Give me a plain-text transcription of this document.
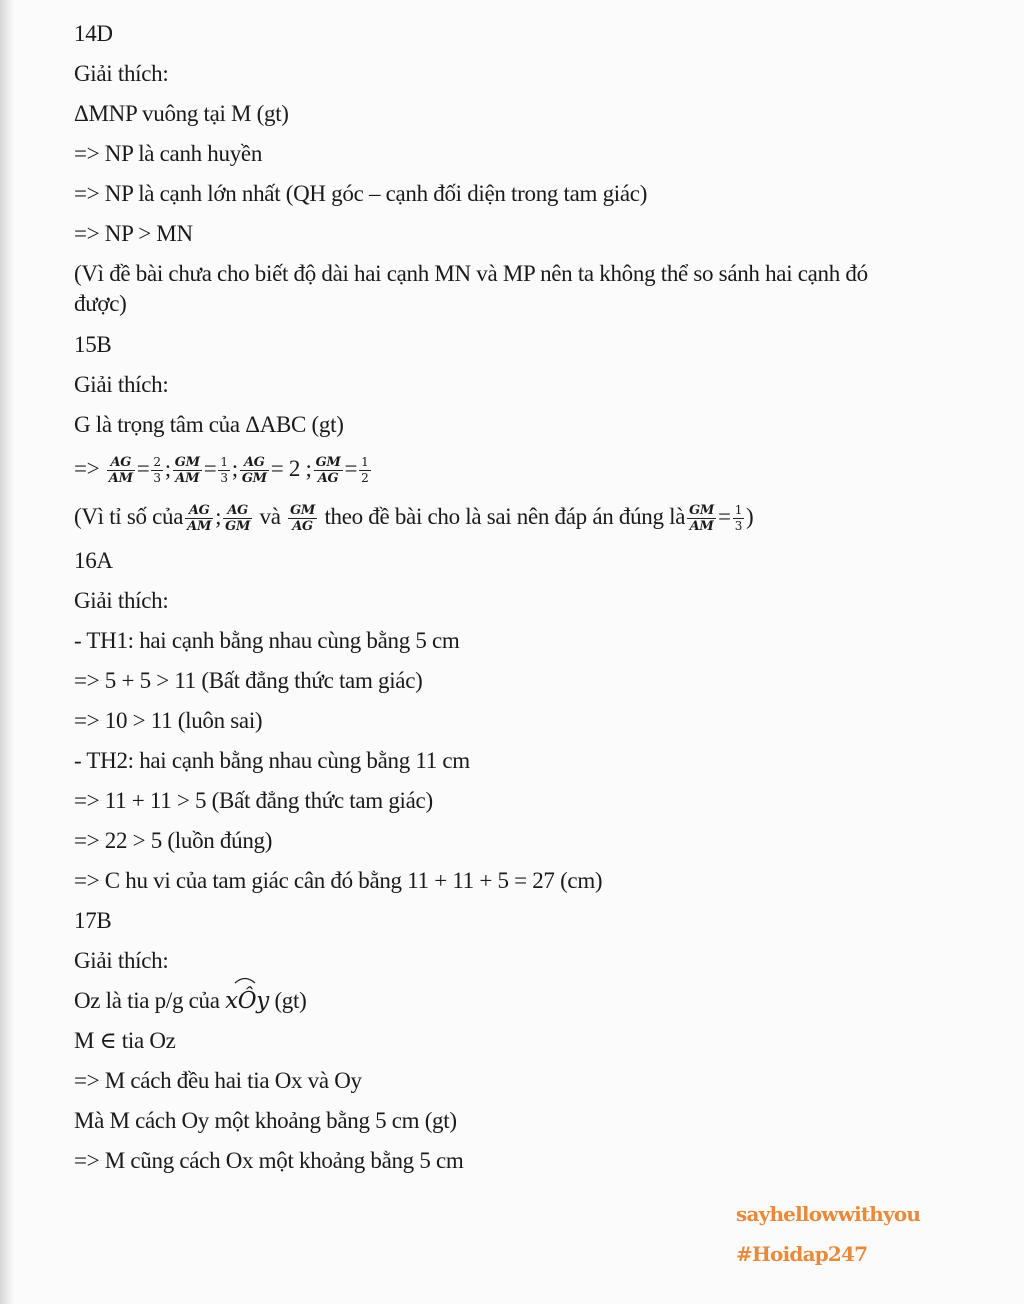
14D
Giải thích:
ΔMNP vuông tại M (gt)
=> NP là canh huyền
=> NP là cạnh lớn nhất (QH góc – cạnh đối diện trong tam giác)
=> NP > MN
(Vì đề bài chưa cho biết độ dài hai cạnh MN và MP nên ta không thể so sánh hai cạnh đó
được)
15B
Giải thích:
G là trọng tâm của ΔABC (gt)
=> $\frac{AG}{AM} = \frac{2}{3}$ ; $\frac{GM}{AM} = \frac{1}{3}$ ; $\frac{AG}{GM} = 2$ ; $\frac{GM}{AG} = \frac{1}{2}$
(Vì tỉ số của $\frac{AG}{AM}$ ; $\frac{AG}{GM}$ và $\frac{GM}{AG}$ theo đề bài cho là sai nên đáp án đúng là $\frac{GM}{AM} = \frac{1}{3}$ )
16A
Giải thích:
- TH1: hai cạnh bằng nhau cùng bằng 5 cm
=> 5 + 5 > 11 (Bất đẳng thức tam giác)
=> 10 > 11 (luôn sai)
- TH2: hai cạnh bằng nhau cùng bằng 11 cm
=> 11 + 11 > 5 (Bất đẳng thức tam giác)
=> 22 > 5 (luồn đúng)
=> C hu vi của tam giác cân đó bằng 11 + 11 + 5 = 27 (cm)
17B
Giải thích:
Oz là tia p/g của xÔy (gt)
M ∈ tia Oz
=> M cách đều hai tia Ox và Oy
Mà M cách Oy một khoảng bằng 5 cm (gt)
=> M cũng cách Ox một khoảng bằng 5 cm
sayhellowwithyou
#Hoidap247
